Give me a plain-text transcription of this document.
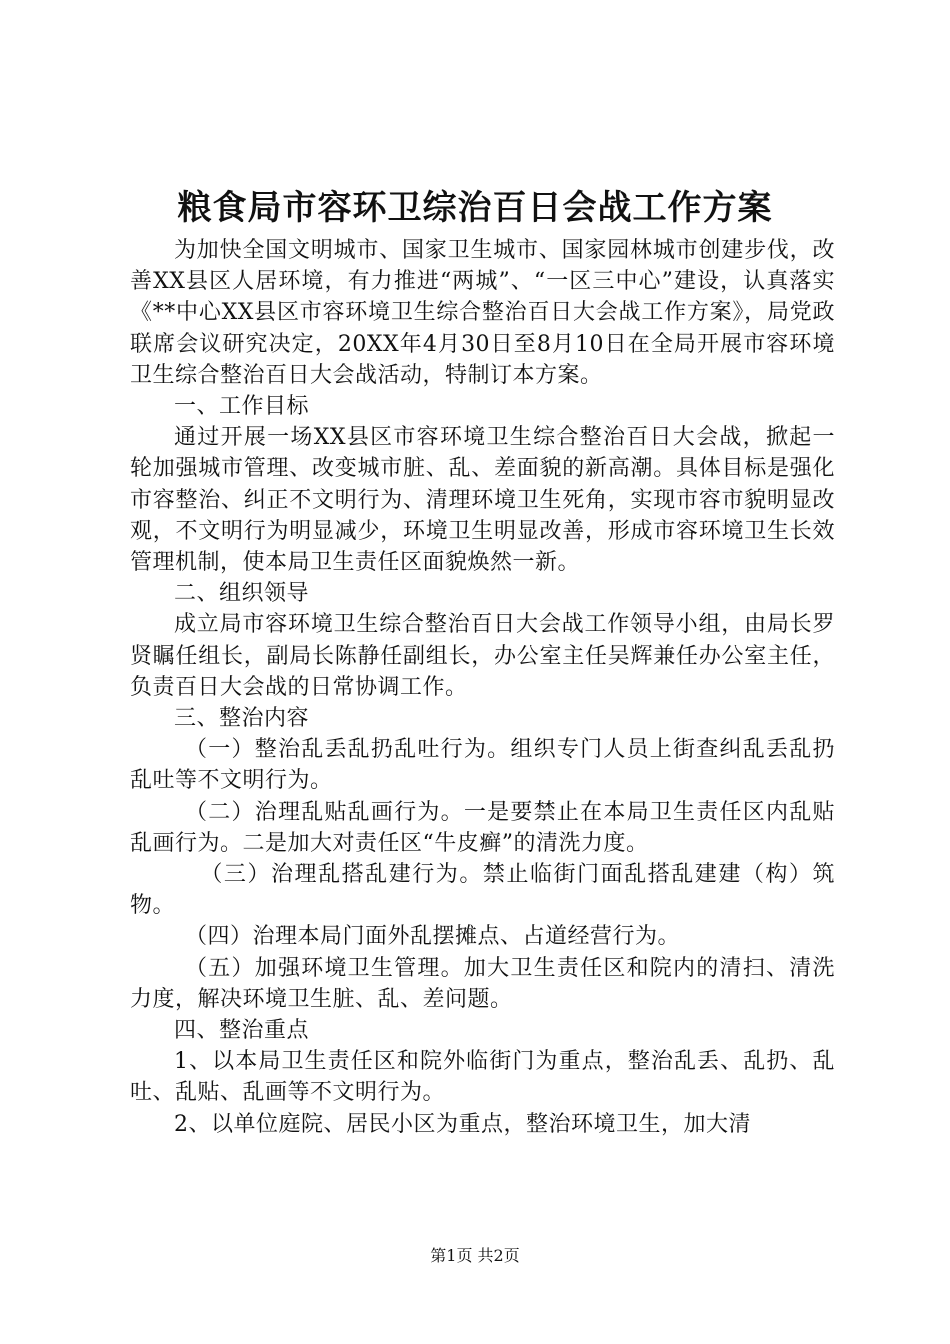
粮食局市容环卫综治百日会战工作方案

为加快全国文明城市、国家卫生城市、国家园林城市创建步伐，改善XX县区人居环境，有力推进“两城”、“一区三中心”建设，认真落实《**中心XX县区市容环境卫生综合整治百日大会战工作方案》，局党政联席会议研究决定，20XX年4月30日至8月10日在全局开展市容环境卫生综合整治百日大会战活动，特制订本方案。

一、工作目标

通过开展一场XX县区市容环境卫生综合整治百日大会战，掀起一轮加强城市管理、改变城市脏、乱、差面貌的新高潮。具体目标是强化市容整治、纠正不文明行为、清理环境卫生死角，实现市容市貌明显改观，不文明行为明显减少，环境卫生明显改善，形成市容环境卫生长效管理机制，使本局卫生责任区面貌焕然一新。

二、组织领导

成立局市容环境卫生综合整治百日大会战工作领导小组，由局长罗贤瞩任组长，副局长陈静任副组长，办公室主任吴辉兼任办公室主任，负责百日大会战的日常协调工作。

三、整治内容

（一）整治乱丢乱扔乱吐行为。组织专门人员上街查纠乱丢乱扔乱吐等不文明行为。

（二）治理乱贴乱画行为。一是要禁止在本局卫生责任区内乱贴乱画行为。二是加大对责任区“牛皮癣”的清洗力度。

（三）治理乱搭乱建行为。禁止临街门面乱搭乱建建（构）筑物。

（四）治理本局门面外乱摆摊点、占道经营行为。

（五）加强环境卫生管理。加大卫生责任区和院内的清扫、清洗力度，解决环境卫生脏、乱、差问题。

四、整治重点

1、以本局卫生责任区和院外临街门为重点，整治乱丢、乱扔、乱吐、乱贴、乱画等不文明行为。

2、以单位庭院、居民小区为重点，整治环境卫生，加大清

第1页 共2页
